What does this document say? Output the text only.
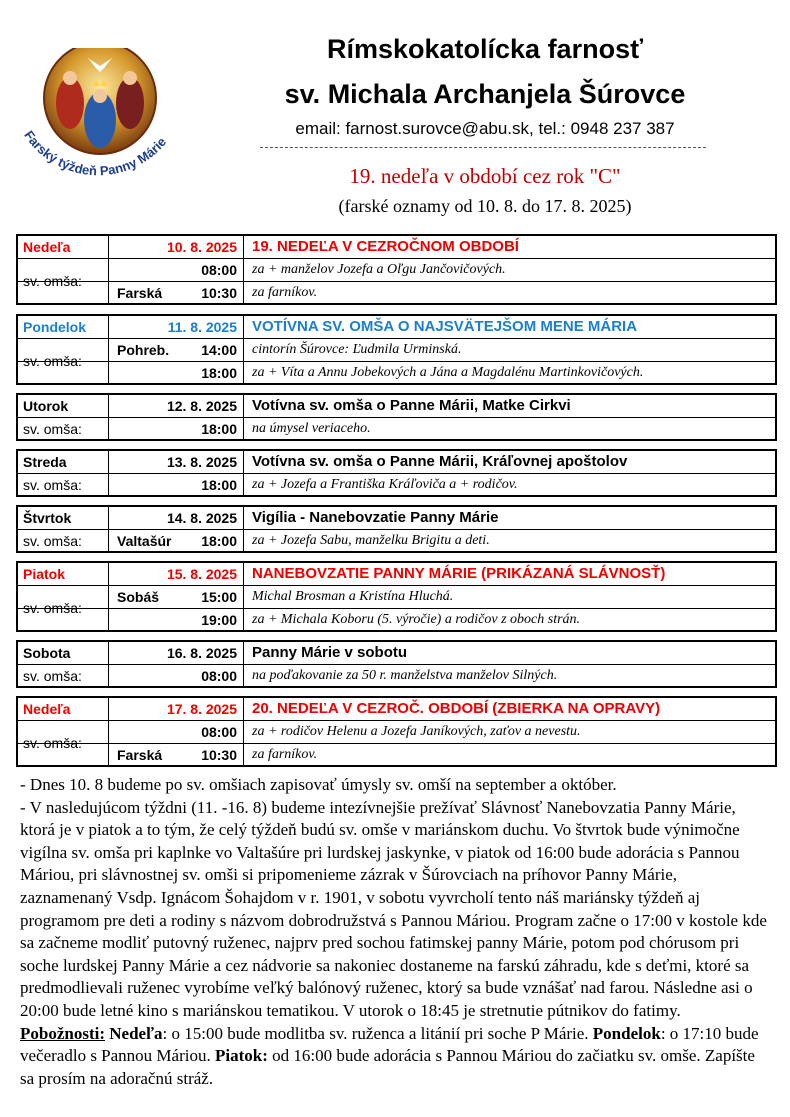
Farský týždeň Panny Márie
Rímskokatolícka farnosť
sv. Michala Archanjela Šúrovce
email: farnost.surovce@abu.sk, tel.: 0948 237 387
19. nedeľa v období cez rok "C"
(farské oznamy od 10. 8. do 17. 8. 2025)
Nedeľa	10. 8. 2025	19. NEDEĽA V CEZROČNOM OBDOBÍ
sv. omša:
08:00	za + manželov Jozefa a Oľgu Jančovičových.
Farská	10:30	za farníkov.
Pondelok	11. 8. 2025	VOTÍVNA SV. OMŠA O NAJSVÄTEJŠOM MENE MÁRIA
sv. omša:
Pohreb. 14:00	cintorín Šúrovce: Ľudmila Urminská.
18:00	za + Víta a Annu Jobekových a Jána a Magdalénu Martinkovičových.
Utorok	12. 8. 2025	Votívna sv. omša o Panne Márii, Matke Cirkvi
sv. omša:	18:00	na úmysel veriaceho.
Streda	13. 8. 2025	Votívna sv. omša o Panne Márii, Kráľovnej apoštolov
sv. omša:	18:00	za + Jozefa a Františka Kráľoviča a + rodičov.
Štvrtok	14. 8. 2025	Vigília - Nanebovzatie Panny Márie
sv. omša:	Valtašúr 18:00	za + Jozefa Sabu, manželku Brigitu a deti.
Piatok	15. 8. 2025	NANEBOVZATIE PANNY MÁRIE (PRIKÁZANÁ SLÁVNOSŤ)
sv. omša:
Sobáš	15:00	Michal Brosman a Kristína Hluchá.
19:00	za + Michala Koboru (5. výročie) a rodičov z oboch strán.
Sobota	16. 8. 2025	Panny Márie v sobotu
sv. omša:	08:00	na poďakovanie za 50 r. manželstva manželov Silných.
Nedeľa	17. 8. 2025	20. NEDEĽA V CEZROČ. OBDOBÍ (ZBIERKA NA OPRAVY)
sv. omša:
08:00	za + rodičov Helenu a Jozefa Janíkových, zaťov a nevestu.
Farská	10:30	za farníkov.

- Dnes 10. 8 budeme po sv. omšiach zapisovať úmysly sv. omší na september a október.

- V nasledujúcom týždni (11. -16. 8) budeme intezívnejšie prežívať Slávnosť Nanebovzatia Panny Márie, ktorá je v piatok a to tým, že celý týždeň budú sv. omše v mariánskom duchu. Vo štvrtok bude výnimočne vigílna sv. omša pri kaplnke vo Valtašúre pri lurdskej jaskynke, v piatok od 16:00 bude adorácia s Pannou Máriou, pri slávnostnej sv. omši si pripomenieme zázrak v Šúrovciach na príhovor Panny Márie, zaznamenaný Vsdp. Ignácom Šohajdom v r. 1901, v sobotu vyvrcholí tento náš mariánsky týždeň aj programom pre deti a rodiny s názvom dobrodružstvá s Pannou Máriou. Program začne o 17:00 v kostole kde sa začneme modliť putovný ruženec, najprv pred sochou fatimskej panny Márie, potom pod chórusom pri soche lurdskej Panny Márie a cez nádvorie sa nakoniec dostaneme na farskú záhradu, kde s deťmi, ktoré sa predmodlievali ruženec vyrobíme veľký balónový ruženec, ktorý sa bude vznášať nad farou. Následne asi o 20:00 bude letné kino s mariánskou tematikou. V utorok o 18:45 je stretnutie pútnikov do fatimy.

Pobožnosti: Nedeľa: o 15:00 bude modlitba sv. ruženca a litánií pri soche P Márie. Pondelok: o 17:10 bude večeradlo s Pannou Máriou. Piatok: od 16:00 bude adorácia s Pannou Máriou do začiatku sv. omše. Zapíšte sa prosím na adoračnú stráž.
